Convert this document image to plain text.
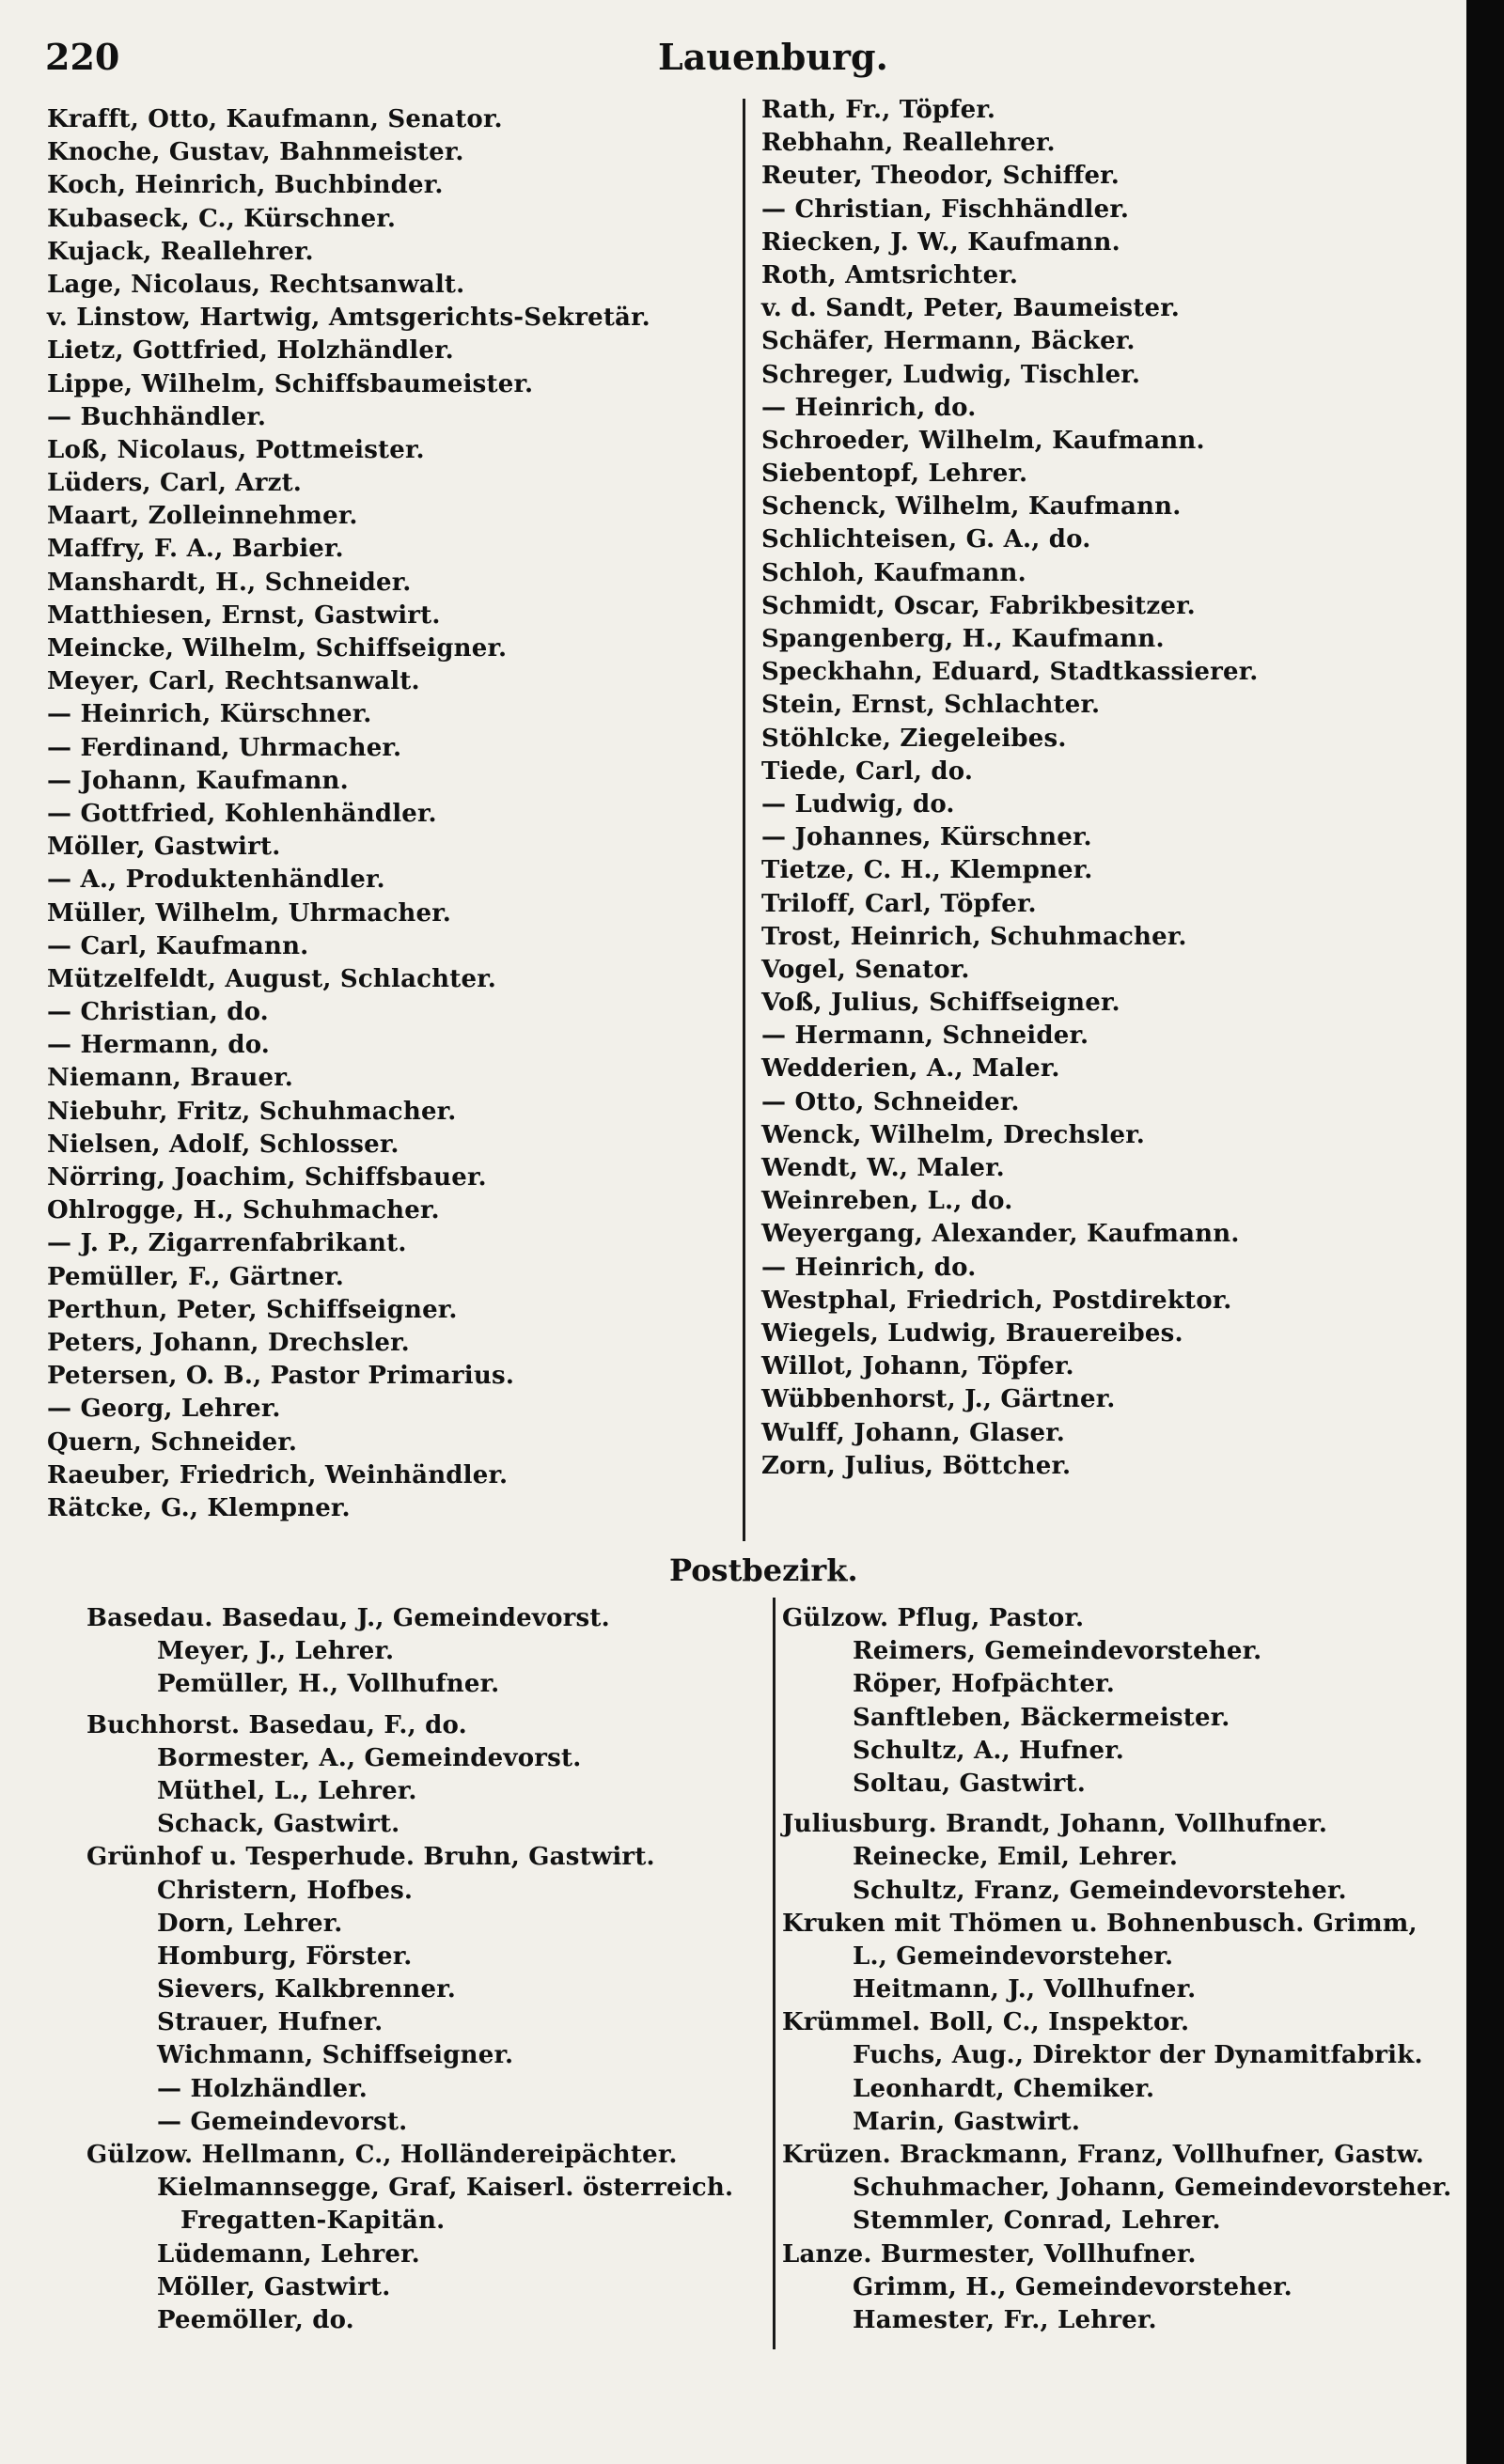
220	Lauenburg.
Krafft, Otto, Kaufmann, Senator.
Knoche, Gustav, Bahnmeister.
Koch, Heinrich, Buchbinder.
Kubaseck, C., Kürschner.
Kujack, Reallehrer.
Lage, Nicolaus, Rechtsanwalt.
v. Linstow, Hartwig, Amtsgerichts-Sekretär.
Lietz, Gottfried, Holzhändler.
Lippe, Wilhelm, Schiffsbaumeister.
— Buchhändler.
Loß, Nicolaus, Pottmeister.
Lüders, Carl, Arzt.
Maart, Zolleinnehmer.
Maffry, F. A., Barbier.
Manshardt, H., Schneider.
Matthiesen, Ernst, Gastwirt.
Meincke, Wilhelm, Schiffseigner.
Meyer, Carl, Rechtsanwalt.
— Heinrich, Kürschner.
— Ferdinand, Uhrmacher.
— Johann, Kaufmann.
— Gottfried, Kohlenhändler.
Möller, Gastwirt.
— A., Produktenhändler.
Müller, Wilhelm, Uhrmacher.
— Carl, Kaufmann.
Mützelfeldt, August, Schlachter.
— Christian, do.
— Hermann, do.
Niemann, Brauer.
Niebuhr, Fritz, Schuhmacher.
Nielsen, Adolf, Schlosser.
Nörring, Joachim, Schiffsbauer.
Ohlrogge, H., Schuhmacher.
— J. P., Zigarrenfabrikant.
Pemüller, F., Gärtner.
Perthun, Peter, Schiffseigner.
Peters, Johann, Drechsler.
Petersen, O. B., Pastor Primarius.
— Georg, Lehrer.
Quern, Schneider.
Raeuber, Friedrich, Weinhändler.
Rätcke, G., Klempner.
Rath, Fr., Töpfer.
Rebhahn, Reallehrer.
Reuter, Theodor, Schiffer.
— Christian, Fischhändler.
Riecken, J. W., Kaufmann.
Roth, Amtsrichter.
v. d. Sandt, Peter, Baumeister.
Schäfer, Hermann, Bäcker.
Schreger, Ludwig, Tischler.
— Heinrich, do.
Schroeder, Wilhelm, Kaufmann.
Siebentopf, Lehrer.
Schenck, Wilhelm, Kaufmann.
Schlichteisen, G. A., do.
Schloh, Kaufmann.
Schmidt, Oscar, Fabrikbesitzer.
Spangenberg, H., Kaufmann.
Speckhahn, Eduard, Stadtkassierer.
Stein, Ernst, Schlachter.
Stöhlcke, Ziegeleibes.
Tiede, Carl, do.
— Ludwig, do.
— Johannes, Kürschner.
Tietze, C. H., Klempner.
Triloff, Carl, Töpfer.
Trost, Heinrich, Schuhmacher.
Vogel, Senator.
Voß, Julius, Schiffseigner.
— Hermann, Schneider.
Wedderien, A., Maler.
— Otto, Schneider.
Wenck, Wilhelm, Drechsler.
Wendt, W., Maler.
Weinreben, L., do.
Weyergang, Alexander, Kaufmann.
— Heinrich, do.
Westphal, Friedrich, Postdirektor.
Wiegels, Ludwig, Brauereibes.
Willot, Johann, Töpfer.
Wübbenhorst, J., Gärtner.
Wulff, Johann, Glaser.
Zorn, Julius, Böttcher.
Postbezirk.
Basedau. Basedau, J., Gemeindevorst.
Meyer, J., Lehrer.
Pemüller, H., Vollhufner.
Buchhorst. Basedau, F., do.
Bormester, A., Gemeindevorst.
Müthel, L., Lehrer.
Schack, Gastwirt.
Grünhof u. Tesperhude. Bruhn, Gastwirt.
Christern, Hofbes.
Dorn, Lehrer.
Homburg, Förster.
Sievers, Kalkbrenner.
Strauer, Hufner.
Wichmann, Schiffseigner.
— Holzhändler.
— Gemeindevorst.
Gülzow. Hellmann, C., Holländereipächter.
Kielmannsegge, Graf, Kaiserl. österreich.
Fregatten-Kapitän.
Lüdemann, Lehrer.
Möller, Gastwirt.
Peemöller, do.
Gülzow. Pflug, Pastor.
Reimers, Gemeindevorsteher.
Röper, Hofpächter.
Sanftleben, Bäckermeister.
Schultz, A., Hufner.
Soltau, Gastwirt.
Juliusburg. Brandt, Johann, Vollhufner.
Reinecke, Emil, Lehrer.
Schultz, Franz, Gemeindevorsteher.
Kruken mit Thömen u. Bohnenbusch. Grimm,
L., Gemeindevorsteher.
Heitmann, J., Vollhufner.
Krümmel. Boll, C., Inspektor.
Fuchs, Aug., Direktor der Dynamitfabrik.
Leonhardt, Chemiker.
Marin, Gastwirt.
Krüzen. Brackmann, Franz, Vollhufner, Gastw.
Schuhmacher, Johann, Gemeindevorsteher.
Stemmler, Conrad, Lehrer.
Lanze. Burmester, Vollhufner.
Grimm, H., Gemeindevorsteher.
Hamester, Fr., Lehrer.
